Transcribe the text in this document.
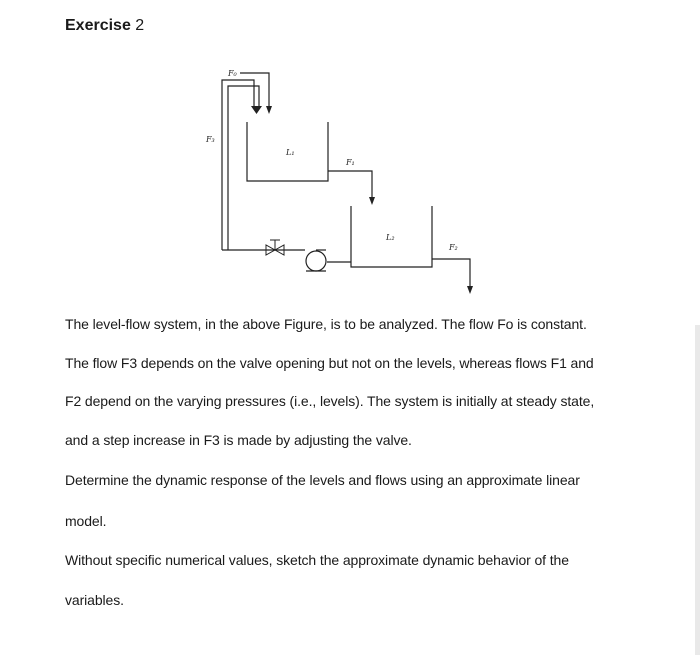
Exercise 2
F₀
F₃
L₁
F₁
L₂
F₂

The level-flow system, in the above Figure, is to be analyzed. The flow Fo is constant.

The flow F3 depends on the valve opening but not on the levels, whereas flows F1 and

F2 depend on the varying pressures (i.e., levels). The system is initially at steady state,

and a step increase in F3 is made by adjusting the valve.

Determine the dynamic response of the levels and flows using an approximate linear

model.

Without specific numerical values, sketch the approximate dynamic behavior of the

variables.
